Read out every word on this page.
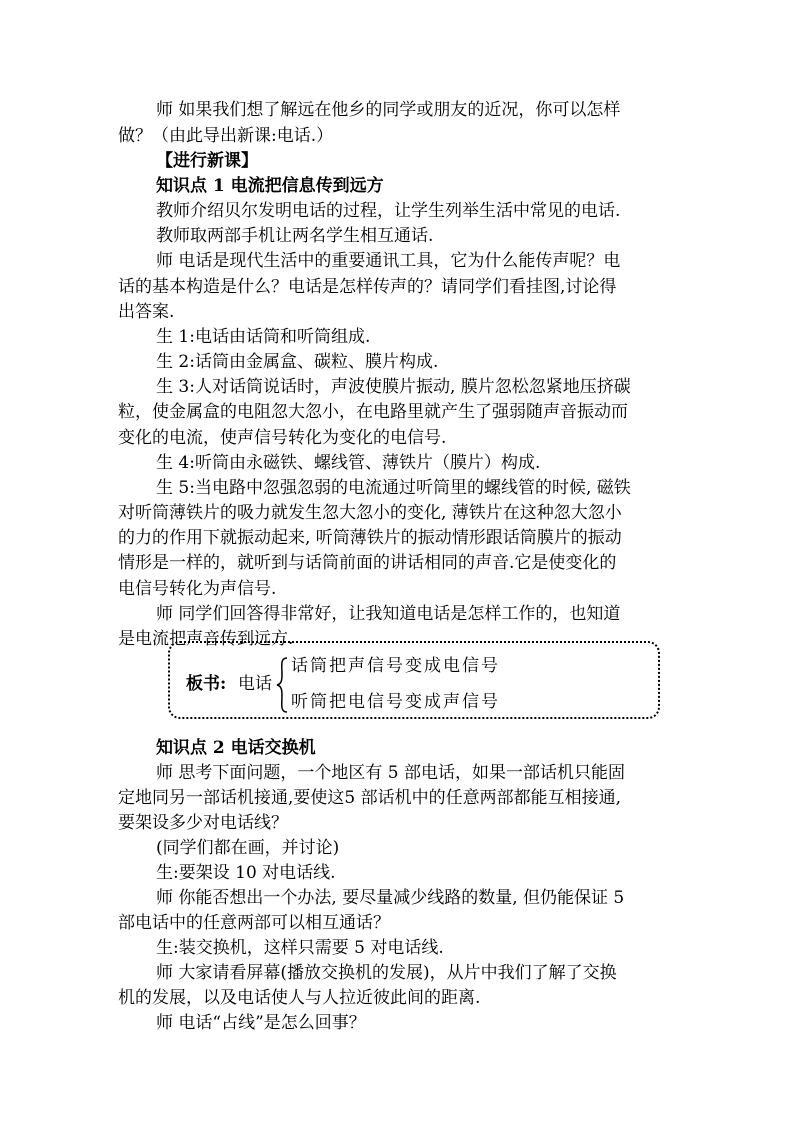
师 如果我们想了解远在他乡的同学或朋友的近况，你可以怎样
做？（由此导出新课:电话.）
【进行新课】
知识点 1 电流把信息传到远方
教师介绍贝尔发明电话的过程，让学生列举生活中常见的电话.
教师取两部手机让两名学生相互通话.
师 电话是现代生活中的重要通讯工具，它为什么能传声呢？电
话的基本构造是什么？电话是怎样传声的？请同学们看挂图,讨论得
出答案.
生 1:电话由话筒和听筒组成.
生 2:话筒由金属盒、碳粒、膜片构成.
生 3:人对话筒说话时，声波使膜片振动, 膜片忽松忽紧地压挤碳
粒，使金属盒的电阻忽大忽小，在电路里就产生了强弱随声音振动而
变化的电流，使声信号转化为变化的电信号.
生 4:听筒由永磁铁、螺线管、薄铁片（膜片）构成.
生 5:当电路中忽强忽弱的电流通过听筒里的螺线管的时候, 磁铁
对听筒薄铁片的吸力就发生忽大忽小的变化, 薄铁片在这种忽大忽小
的力的作用下就振动起来, 听筒薄铁片的振动情形跟话筒膜片的振动
情形是一样的，就听到与话筒前面的讲话相同的声音.它是使变化的
电信号转化为声信号.
师 同学们回答得非常好，让我知道电话是怎样工作的，也知道
是电流把声音传到远方.
板书: 电话
话筒把声信号变成电信号
听筒把电信号变成声信号
知识点 2 电话交换机
师 思考下面问题，一个地区有 5 部电话，如果一部话机只能固
定地同另一部话机接通,要使这5 部话机中的任意两部都能互相接通,
要架设多少对电话线？
(同学们都在画，并讨论)
生:要架设 10 对电话线.
师 你能否想出一个办法, 要尽量减少线路的数量, 但仍能保证 5
部电话中的任意两部可以相互通话？
生:装交换机，这样只需要 5 对电话线.
师 大家请看屏幕(播放交换机的发展)，从片中我们了解了交换
机的发展，以及电话使人与人拉近彼此间的距离.
师 电话“占线”是怎么回事？
